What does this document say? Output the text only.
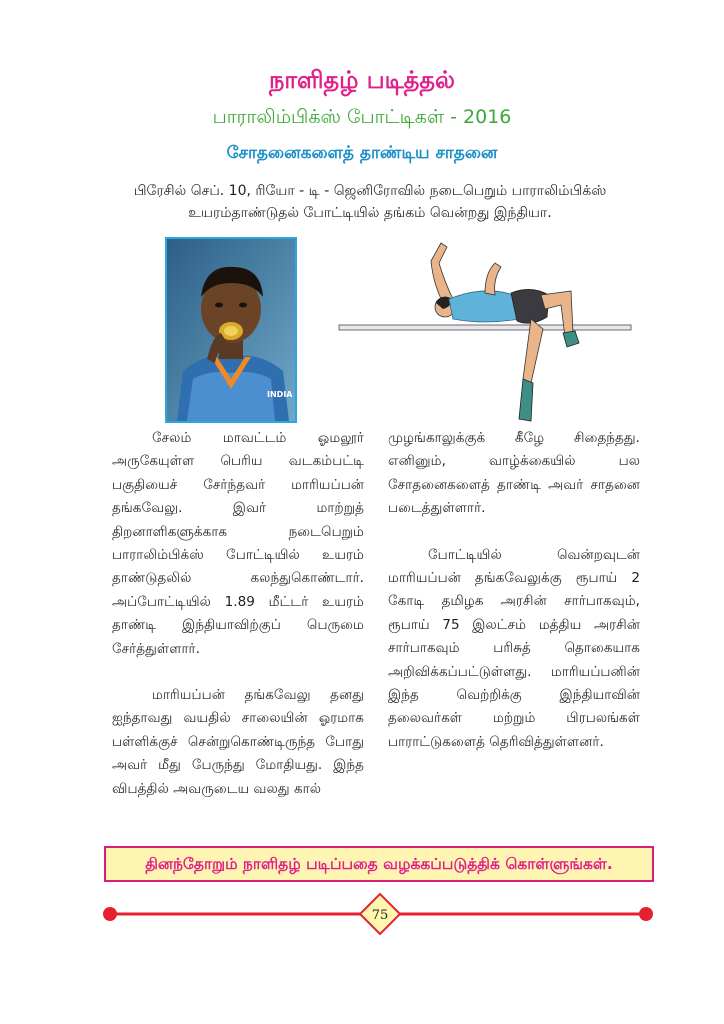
நாளிதழ் படித்தல்
பாராலிம்பிக்ஸ் போட்டிகள் - 2016
சோதனைகளைத் தாண்டிய சாதனை
பிரேசில் செப். 10, ரியோ - டி - ஜெனிரோவில் நடைபெறும் பாராலிம்பிக்ஸ்
உயரம்தாண்டுதல் போட்டியில் தங்கம் வென்றது இந்தியா.
INDIA

சேலம் மாவட்டம் ஓமலூர் அருகேயுள்ள பெரிய வடகம்பட்டி பகுதியைச் சேர்ந்தவர் மாரியப்பன் தங்கவேலு. இவர் மாற்றுத் திறனாளிகளுக்காக நடைபெறும் பாராலிம்பிக்ஸ் போட்டியில் உயரம் தாண்டுதலில் கலந்துகொண்டார். அப்போட்டியில் 1.89 மீட்டர் உயரம் தாண்டி இந்தியாவிற்குப் பெருமை சேர்த்துள்ளார்.

மாரியப்பன் தங்கவேலு தனது ஐந்தாவது வயதில் சாலையின் ஓரமாக பள்ளிக்குச் சென்றுகொண்டிருந்த போது அவர் மீது பேருந்து மோதியது. இந்த விபத்தில் அவருடைய வலது கால்

முழங்காலுக்குக் கீழே சிதைந்தது. எனினும், வாழ்க்கையில் பல சோதனைகளைத் தாண்டி அவர் சாதனை படைத்துள்ளார்.

போட்டியில் வென்றவுடன் மாரியப்பன் தங்கவேலுக்கு ரூபாய் 2 கோடி தமிழக அரசின் சார்பாகவும், ரூபாய் 75 இலட்சம் மத்திய அரசின் சார்பாகவும் பரிசுத் தொகையாக அறிவிக்கப்பட்டுள்ளது. மாரியப்பனின் இந்த வெற்றிக்கு இந்தியாவின் தலைவர்கள் மற்றும் பிரபலங்கள் பாராட்டுகளைத் தெரிவித்துள்ளனர்.

தினந்தோறும் நாளிதழ் படிப்பதை வழக்கப்படுத்திக் கொள்ளுங்கள்.
75
